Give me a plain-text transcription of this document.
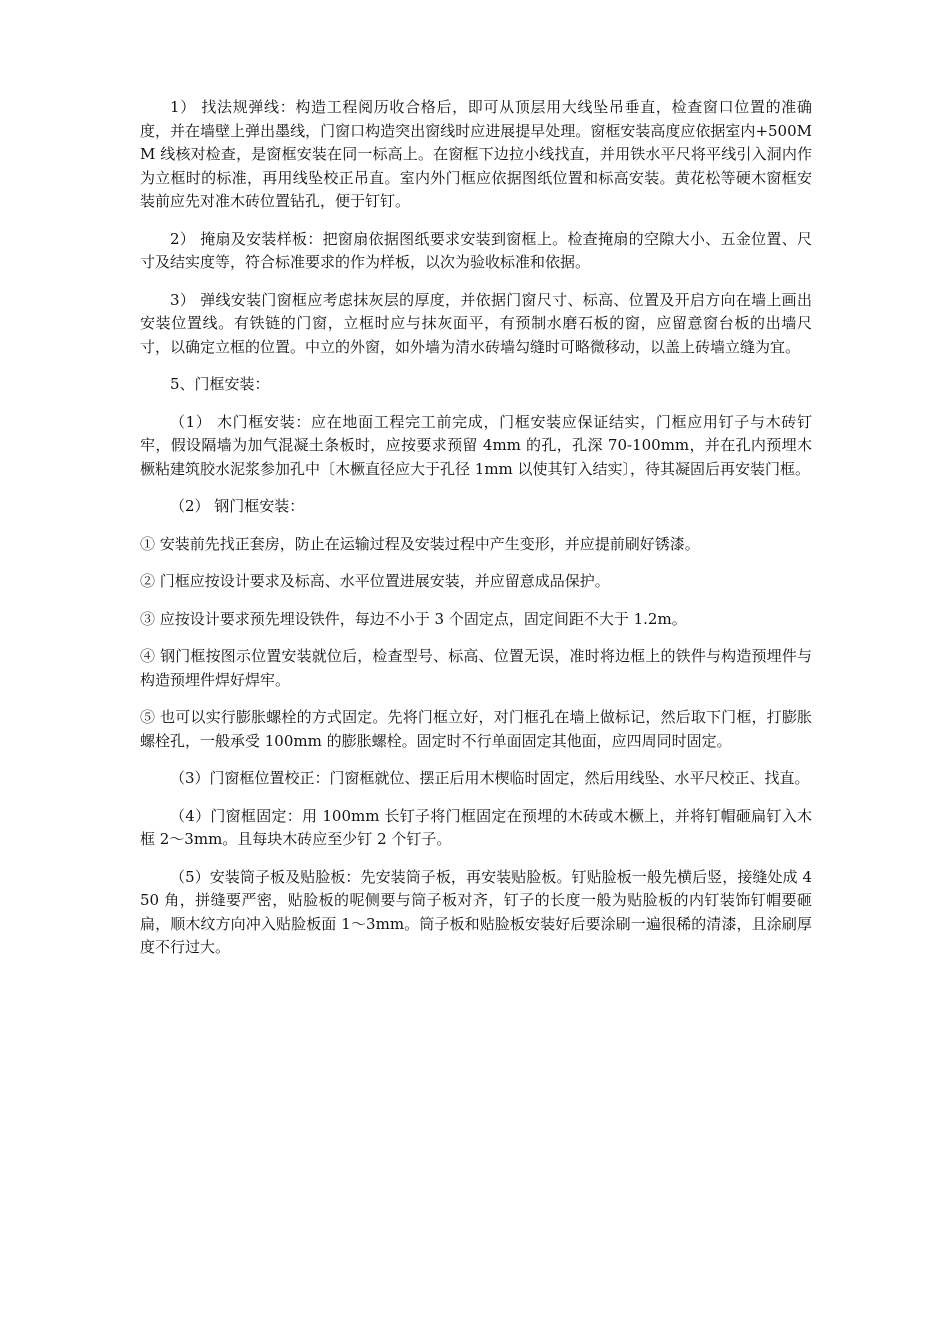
1） 找法规弹线：构造工程阅历收合格后，即可从顶层用大线坠吊垂直，检查窗口位置的准确度，并在墙壁上弹出墨线，门窗口构造突出窗线时应进展提早处理。窗框安装高度应依据室内+500MM 线核对检查，是窗框安装在同一标高上。在窗框下边拉小线找直，并用铁水平尺将平线引入洞内作为立框时的标准，再用线坠校正吊直。室内外门框应依据图纸位置和标高安装。黄花松等硬木窗框安装前应先对准木砖位置钻孔，便于钉钉。

2） 掩扇及安装样板：把窗扇依据图纸要求安装到窗框上。检查掩扇的空隙大小、五金位置、尺寸及结实度等，符合标准要求的作为样板，以次为验收标准和依据。

3） 弹线安装门窗框应考虑抹灰层的厚度，并依据门窗尺寸、标高、位置及开启方向在墙上画出安装位置线。有铁链的门窗，立框时应与抹灰面平，有预制水磨石板的窗，应留意窗台板的出墙尺寸，以确定立框的位置。中立的外窗，如外墙为清水砖墙勾缝时可略微移动，以盖上砖墙立缝为宜。

5、门框安装：

（1） 木门框安装：应在地面工程完工前完成，门框安装应保证结实，门框应用钉子与木砖钉牢，假设隔墙为加气混凝土条板时，应按要求预留 4mm 的孔，孔深 70-100mm，并在孔内预埋木橛粘建筑胶水泥浆参加孔中〔木橛直径应大于孔径 1mm 以使其钉入结实〕，待其凝固后再安装门框。

（2） 钢门框安装：

① 安装前先找正套房，防止在运输过程及安装过程中产生变形，并应提前刷好锈漆。

② 门框应按设计要求及标高、水平位置进展安装，并应留意成品保护。

③ 应按设计要求预先埋设铁件，每边不小于 3 个固定点，固定间距不大于 1.2m。

④ 钢门框按图示位置安装就位后，检查型号、标高、位置无误，准时将边框上的铁件与构造预埋件与构造预埋件焊好焊牢。

⑤ 也可以实行膨胀螺栓的方式固定。先将门框立好，对门框孔在墙上做标记，然后取下门框，打膨胀螺栓孔，一般承受 100mm 的膨胀螺栓。固定时不行单面固定其他面，应四周同时固定。

（3）门窗框位置校正：门窗框就位、摆正后用木楔临时固定，然后用线坠、水平尺校正、找直。

（4）门窗框固定：用 100mm 长钉子将门框固定在预埋的木砖或木橛上，并将钉帽砸扁钉入木框 2～3mm。且每块木砖应至少钉 2 个钉子。

（5）安装筒子板及贴脸板：先安装筒子板，再安装贴脸板。钉贴脸板一般先横后竖，接缝处成 450 角，拼缝要严密，贴脸板的呢侧要与筒子板对齐，钉子的长度一般为贴脸板的内钉装饰钉帽要砸扁，顺木纹方向冲入贴脸板面 1～3mm。筒子板和贴脸板安装好后要涂刷一遍很稀的清漆，且涂刷厚度不行过大。
